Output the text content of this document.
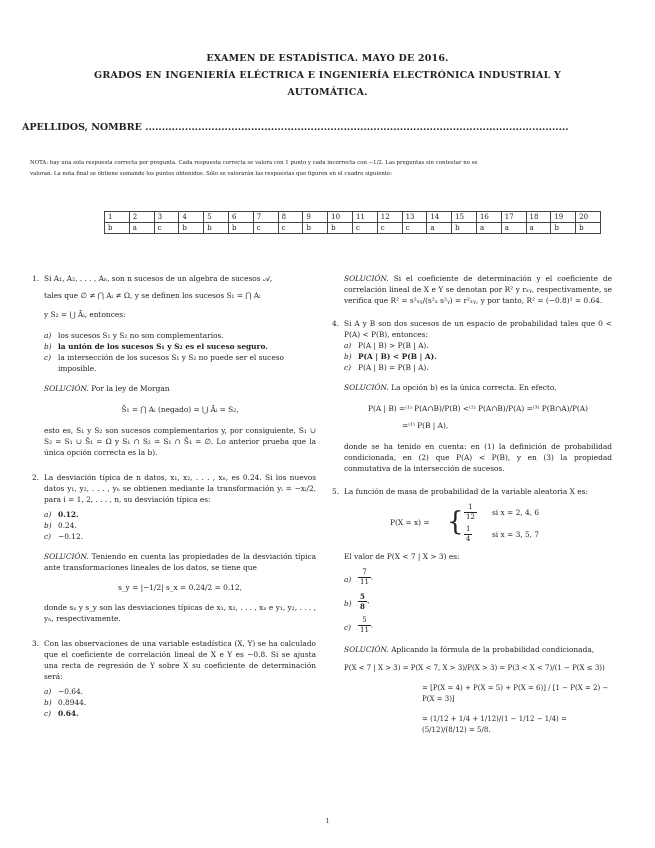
EXAMEN DE ESTADÍSTICA. MAYO DE 2016.
GRADOS EN INGENIERÍA ELÉCTRICA E INGENIERÍA ELECTRÓNICA INDUSTRIAL Y
AUTOMÁTICA.
APELLIDOS, NOMBRE ................................................................................................................................
NOTA: hay una sola respuesta correcta por pregunta. Cada respuesta correcta se valora con 1 punto y cada incorrecta con −1/2. Las preguntas sin contestar no se
valoran. La nota final se obtiene sumando los puntos obtenidos. Sólo se valorarán las respuestas que figuren en el cuadro siguiente:
1	2	3	4	5	6	7	8	9	10	11	12	13	14	15	16	17	18	19	20
b	a	c	b	b	b	c	c	b	b	c	c	c	a	b	a	a	a	b	b
1. Si A₁, A₂, . . . , Aₙ, son n sucesos de un algebra de sucesos 𝒜,

tales que ∅ ≠ ⋂ Aᵢ ≠ Ω, y se definen los sucesos S₁ = ⋂ Aᵢ

y S₂ = ⋃ Āᵢ, entonces:

a) los sucesos S₁ y S₂ no son complementarios.

b) la unión de los sucesos S₁ y S₂ es el suceso seguro.

c) la intersección de los sucesos S₁ y S₂ no puede ser el suceso imposible.

SOLUCIÓN. Por la ley de Morgan

S̄₁ = ⋂ Aᵢ (negado) = ⋃ Āᵢ = S₂,

esto es, S₁ y S₂ son sucesos complementarios y, por consiguiente, S₁ ∪ S₂ = S₁ ∪ S̄₁ = Ω y S₁ ∩ S₂ = S₁ ∩ S̄₁ = ∅. Lo anterior prueba que la única opción correcta es la b).

2. La desviación típica de n datos, x₁, x₂, . . . , xₙ, es 0.24. Si los nuevos datos y₁, y₂, . . . , yₙ se obtienen mediante la transformación yᵢ = −xᵢ/2, para i = 1, 2, . . . , n, su desviación típica es:

a) 0.12.

b) 0.24.

c) −0.12.

SOLUCIÓN. Teniendo en cuenta las propiedades de la desviación típica ante transformaciones lineales de los datos, se tiene que

s_y = |−1/2| s_x = 0.24/2 = 0.12,

donde sₓ y s_y son las desviaciones típicas de x₁, x₂, . . . , xₙ e y₁, y₂, . . . , yₙ, respectivamente.

3. Con las observaciones de una variable estadística (X, Y) se ha calculado que el coeficiente de correlación lineal de X e Y es −0.8. Si se ajusta una recta de regresión de Y sobre X su coeficiente de determinación será:

a) −0.64.

b) 0.8944.

c) 0.64.

SOLUCIÓN. Si el coeficiente de determinación y el coeficiente de correlación lineal de X e Y se denotan por R² y rₓᵧ, respectivamente, se verifica que R² = s²ₓᵧ/(s²ₓ s²ᵧ) = r²ₓᵧ, y por tanto, R² = (−0.8)² = 0.64.

4. Si A y B son dos sucesos de un espacio de probabilidad tales que 0 < P(A) < P(B), entonces:

a) P(A | B) > P(B | A).

b) P(A | B) < P(B | A).

c) P(A | B) = P(B | A).

SOLUCIÓN. La opción b) es la única correcta. En efecto,

P(A | B) =⁽¹⁾ P(A∩B)/P(B) <⁽²⁾ P(A∩B)/P(A) =⁽³⁾ P(B∩A)/P(A)

=⁽¹⁾ P(B | A),

donde se ha tenido en cuenta: en (1) la definición de probabilidad condicionada, en (2) que P(A) < P(B), y en (3) la propiedad conmutativa de la intersección de sucesos.

5. La función de masa de probabilidad de la variable aleatoria X es:

P(X = x) = { $\frac{1}{12}$ si x = 2, 4, 6
$\frac{1}{4}$	si x = 3, 5, 7

El valor de P(X < 7 | X > 3) es:

$a) \frac{7}{11}$ .

$b) \frac{5}{8}$ .

$c) \frac{5}{11}$ .

SOLUCIÓN. Aplicando la fórmula de la probabilidad condicionada,

P(X < 7 | X > 3) = P(X < 7, X > 3)/P(X > 3) = P(3 < X < 7)/(1 − P(X ≤ 3))

= [P(X = 4) + P(X = 5) + P(X = 6)] / [1 − P(X = 2) − P(X = 3)]

= (1/12 + 1/4 + 1/12)/(1 − 1/12 − 1/4) = (5/12)/(8/12) = 5/8.

1
